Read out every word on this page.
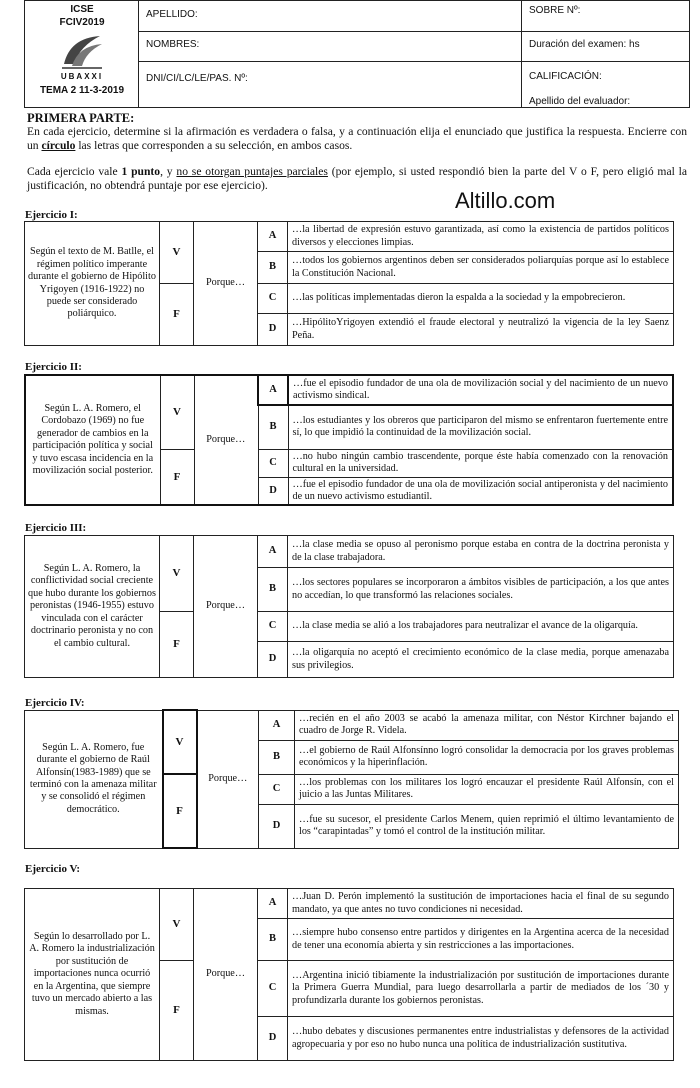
ICSE
FCIV2019
UBAXXI
TEMA 2 11-3-2019
APELLIDO:	SOBRE Nº:
NOMBRES:	Duración del examen: hs
DNI/CI/LC/LE/PAS. Nº:	CALIFICACIÓN:
Apellido del evaluador:
PRIMERA PARTE:
En cada ejercicio, determine si la afirmación es verdadera o falsa, y a continuación elija el enunciado que justifica la respuesta. Encierre con un círculo las letras que corresponden a su selección, en ambos casos.
Cada ejercicio vale 1 punto, y no se otorgan puntajes parciales (por ejemplo, si usted respondió bien la parte del V o F, pero eligió mal la justificación, no obtendrá puntaje por ese ejercicio).
Altillo.com
Ejercicio I:
Según el texto de M. Batlle, el régimen político imperante durante el gobierno de Hipólito Yrigoyen (1916-1922) no puede ser considerado poliárquico.	V	Porque…	A	…la libertad de expresión estuvo garantizada, así como la existencia de partidos políticos diversos y elecciones limpias.
			B	…todos los gobiernos argentinos deben ser considerados poliarquías porque así lo establece la Constitución Nacional.
	F		C	…las políticas implementadas dieron la espalda a la sociedad y la empobrecieron.
			D	…HipólitoYrigoyen extendió el fraude electoral y neutralizó la vigencia de la ley Saenz Peña.
Ejercicio II:
Según L. A. Romero, el Cordobazo (1969) no fue generador de cambios en la participación política y social y tuvo escasa incidencia en la movilización social posterior.	V	Porque…	A	…fue el episodio fundador de una ola de movilización social y del nacimiento de un nuevo activismo sindical.
			B	…los estudiantes y los obreros que participaron del mismo se enfrentaron fuertemente entre sí, lo que impidió la continuidad de la movilización social.
	F		C	…no hubo ningún cambio trascendente, porque éste había comenzado con la renovación cultural en la universidad.
			D	…fue el episodio fundador de una ola de movilización social antiperonista y del nacimiento de un nuevo activismo estudiantil.
Ejercicio III:
Según L. A. Romero, la conflictividad social creciente que hubo durante los gobiernos peronistas (1946-1955) estuvo vinculada con el carácter doctrinario peronista y no con el cambio cultural.	V	Porque…	A	…la clase media se opuso al peronismo porque estaba en contra de la doctrina peronista y de la clase trabajadora.
			B	…los sectores populares se incorporaron a ámbitos visibles de participación, a los que antes no accedían, lo que transformó las relaciones sociales.
	F		C	…la clase media se alió a los trabajadores para neutralizar el avance de la oligarquía.
			D	…la oligarquía no aceptó el crecimiento económico de la clase media, porque amenazaba sus privilegios.
Ejercicio IV:
Según L. A. Romero, fue durante el gobierno de Raúl Alfonsín(1983-1989) que se terminó con la amenaza militar y se consolidó el régimen democrático.	V	Porque…	A	…recién en el año 2003 se acabó la amenaza militar, con Néstor Kirchner bajando el cuadro de Jorge R. Videla.
			B	…el gobierno de Raúl Alfonsínno logró consolidar la democracia por los graves problemas económicos y la hiperinflación.
	F		C	…los problemas con los militares los logró encauzar el presidente Raúl Alfonsín, con el juicio a las Juntas Militares.
			D	…fue su sucesor, el presidente Carlos Menem, quien reprimió el último levantamiento de los “carapintadas” y tomó el control de la institución militar.
Ejercicio V:
Según lo desarrollado por L. A. Romero la industrialización por sustitución de importaciones nunca ocurrió en la Argentina, que siempre tuvo un mercado abierto a las mismas.	V	Porque…	A	…Juan D. Perón implementó la sustitución de importaciones hacia el final de su segundo mandato, ya que antes no tuvo condiciones ni necesidad.
			B	…siempre hubo consenso entre partidos y dirigentes en la Argentina acerca de la necesidad de tener una economía abierta y sin restricciones a las importaciones.
	F		C	…Argentina inició tibiamente la industrialización por sustitución de importaciones durante la Primera Guerra Mundial, para luego desarrollarla a partir de mediados de los ´30 y profundizarla durante los gobiernos peronistas.
			D	…hubo debates y discusiones permanentes entre industrialistas y defensores de la actividad agropecuaria y por eso no hubo nunca una política de industrialización sustitutiva.
